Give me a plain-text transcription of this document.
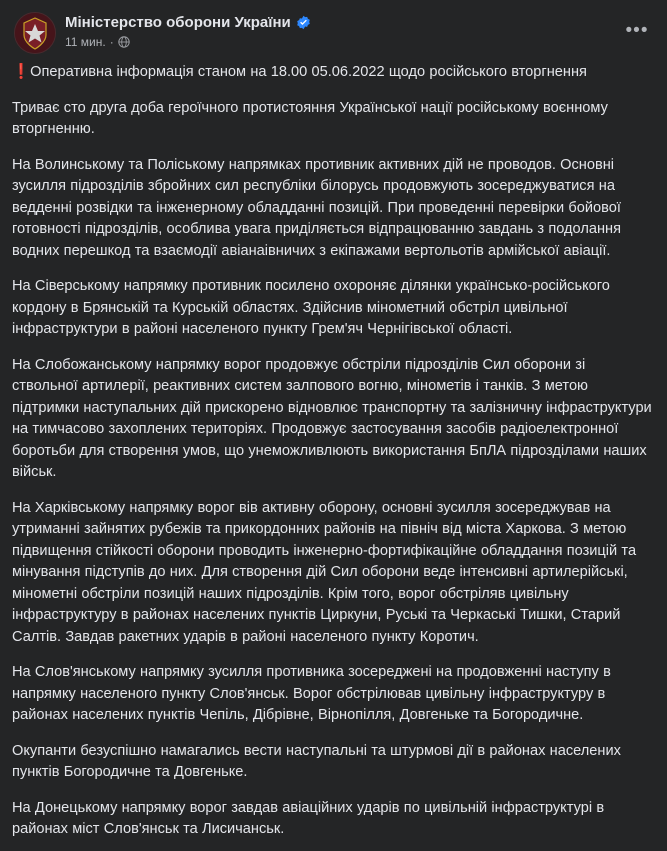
Міністерство оборони України
11 мин. ·
•••

❗️Оперативна інформація станом на 18.00 05.06.2022 щодо російського вторгнення

Триває сто друга доба героїчного протистояння Української нації російському воєнному вторгненню.

На Волинському та Поліському напрямках противник активних дій не проводов. Основні зусилля підрозділів збройних сил республіки білорусь продовжують зосереджуватися на ведденні розвідки та інженерному обладданні позицій. При проведенні перевірки бойової готовності підрозділів, особлива увага приділяється відпрацюванню завдань з подолання водних перешкод та взаємодії авіанаівничих з екіпажами вертольотів армійської авіації.

На Сіверському напрямку противник посилено охороняє ділянки українсько-російського кордону в Брянській та Курській областях. Здійснив мінометний обстріл цивільної інфраструктури в районі населеного пункту Грем'яч Чернігівської області.

На Слобожанському напрямку ворог продовжує обстріли підрозділів Сил оборони зі ствольної артилерії, реактивних систем залпового вогню, мінометів і танків. З метою підтримки наступальних дій прискорено відновлює транспортну та залізничну інфраструктури на тимчасово захоплених територіях. Продовжує застосування засобів радіоелектронної боротьби для створення умов, що унеможливлюють використання БпЛА підрозділами наших військ.

На Харківському напрямку ворог вів активну оборону, основні зусилля зосереджував на утриманні зайнятих рубежів та прикордонних районів на північ від міста Харкова. З метою підвищення стійкості оборони проводить інженерно-фортифікаційне обладдання позицій та мінування підступів до них. Для створення дій Сил оборони веде інтенсивні артилерійські, мінометні обстріли позицій наших підрозділів. Крім того, ворог обстріляв цивільну інфраструктуру в районах населених пунктів Циркуни, Руські та Черкаські Тишки, Старий Салтів. Завдав ракетних ударів в районі населеного пункту Коротич.

На Слов'янському напрямку зусилля противника зосереджені на продовженні наступу в напрямку населеного пункту Слов'янськ. Ворог обстрілював цивільну інфраструктуру в районах населених пунктів Чепіль, Дібрівне, Вірнопілля, Довгеньке та Богородичне.

Окупанти безуспішно намагались вести наступальні та штурмові дії в районах населених пунктів Богородичне та Довгеньке.

На Донецькому напрямку ворог завдав авіаційних ударів по цивільній інфраструктурі в районах міст Слов'янськ та Лисичанськ.
